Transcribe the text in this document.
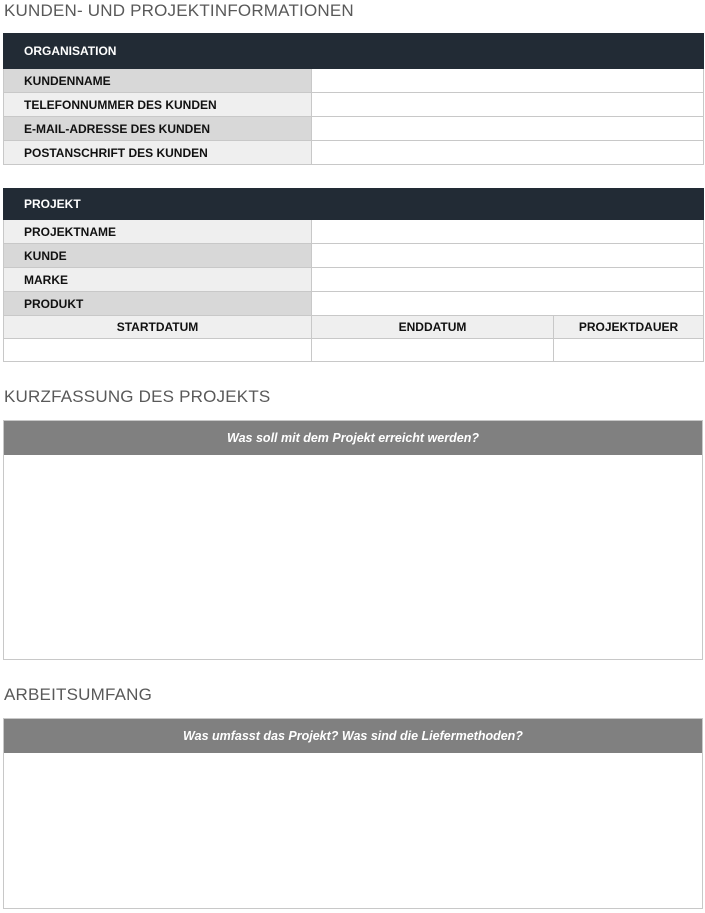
KUNDEN- UND PROJEKTINFORMATIONEN
ORGANISATION	
KUNDENNAME	
TELEFONNUMMER DES KUNDEN	
E-MAIL-ADRESSE DES KUNDEN	
POSTANSCHRIFT DES KUNDEN	
PROJEKT		
PROJEKTNAME		
KUNDE		
MARKE		
PRODUKT		
STARTDATUM	ENDDATUM	PROJEKTDAUER

KURZFASSUNG DES PROJEKTS
Was soll mit dem Projekt erreicht werden?
ARBEITSUMFANG
Was umfasst das Projekt? Was sind die Liefermethoden?
